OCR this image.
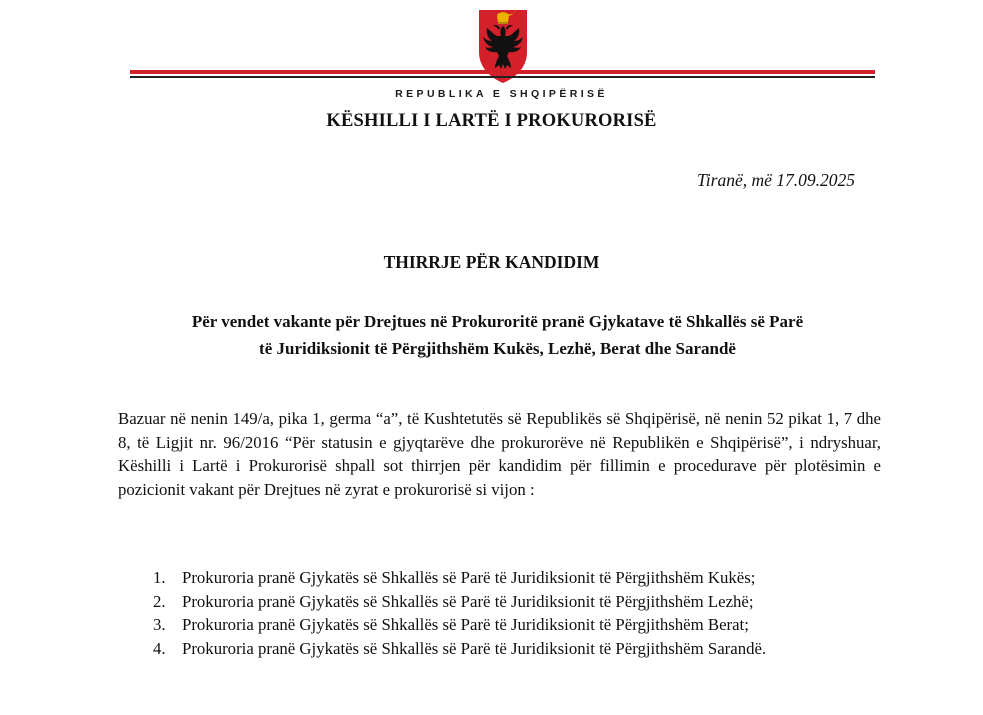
REPUBLIKA E SHQIPËRISË
KËSHILLI I LARTË I PROKURORISË
Tiranë, më 17.09.2025
THIRRJE PËR KANDIDIM
Për vendet vakante për Drejtues në Prokuroritë pranë Gjykatave të Shkallës së Parë
të Juridiksionit të Përgjithshëm Kukës, Lezhë, Berat dhe Sarandë
Bazuar në nenin 149/a, pika 1, germa “a”, të Kushtetutës së Republikës së Shqipërisë, në nenin 52 pikat 1, 7 dhe 8, të Ligjit nr. 96/2016 “Për statusin e gjyqtarëve dhe prokurorëve në Republikën e Shqipërisë”, i ndryshuar, Këshilli i Lartë i Prokurorisë shpall sot thirrjen për kandidim për fillimin e procedurave për plotësimin e pozicionit vakant për Drejtues në zyrat e prokurorisë si vijon :
1. Prokuroria pranë Gjykatës së Shkallës së Parë të Juridiksionit të Përgjithshëm Kukës;
2. Prokuroria pranë Gjykatës së Shkallës së Parë të Juridiksionit të Përgjithshëm Lezhë;
3. Prokuroria pranë Gjykatës së Shkallës së Parë të Juridiksionit të Përgjithshëm Berat;
4. Prokuroria pranë Gjykatës së Shkallës së Parë të Juridiksionit të Përgjithshëm Sarandë.
